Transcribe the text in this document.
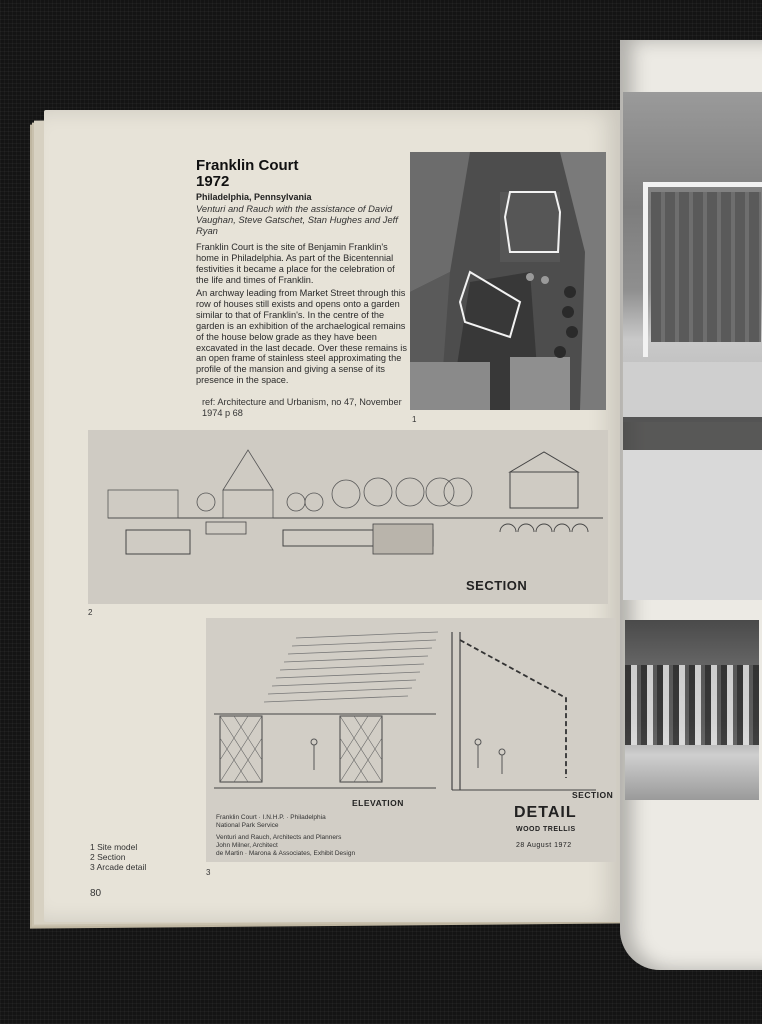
Franklin Court
1972
Philadelphia, Pennsylvania
Venturi and Rauch with the assistance of David Vaughan, Steve Gatschet, Stan Hughes and Jeff Ryan

Franklin Court is the site of Benjamin Franklin's home in Philadelphia. As part of the Bicentennial festivities it became a place for the celebration of the life and times of Franklin.

An archway leading from Market Street through this row of houses still exists and opens onto a garden similar to that of Franklin's. In the centre of the garden is an exhibition of the archaelogical remains of the house below grade as they have been excavated in the last decade. Over these remains is an open frame of stainless steel approximating the profile of the mansion and giving a sense of its presence in the space.

ref: Architecture and Urbanism, no 47, November 1974 p 68
1
SECTION
2
ELEVATION
SECTION
DETAIL
WOOD TRELLIS
28 August 1972
Franklin Court · I.N.H.P. · Philadelphia
National Park Service
Venturi and Rauch, Architects and Planners
John Milner, Architect
de Martin · Marona & Associates, Exhibit Design
3
1 Site model
2 Section
3 Arcade detail
80
